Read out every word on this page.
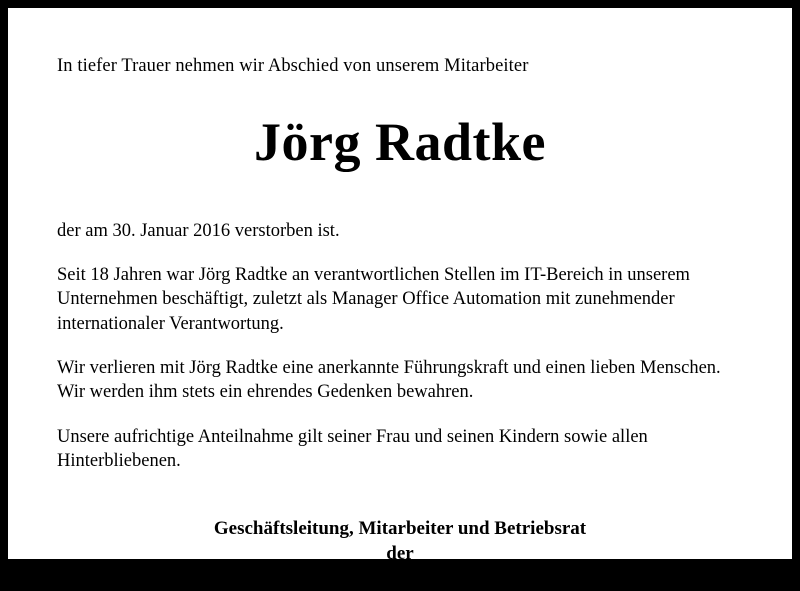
In tiefer Trauer nehmen wir Abschied von unserem Mitarbeiter
Jörg Radtke
der am 30. Januar 2016 verstorben ist.

Seit 18 Jahren war Jörg Radtke an verantwortlichen Stellen im IT-Bereich in unserem Unternehmen beschäftigt, zuletzt als Manager Office Automation mit zunehmender internationaler Verantwortung.

Wir verlieren mit Jörg Radtke eine anerkannte Führungskraft und einen lieben Menschen. Wir werden ihm stets ein ehrendes Gedenken bewahren.

Unsere aufrichtige Anteilnahme gilt seiner Frau und seinen Kindern sowie allen Hinterbliebenen.

Geschäftsleitung, Mitarbeiter und Betriebsrat
der
ADP Employer Services GmbH
